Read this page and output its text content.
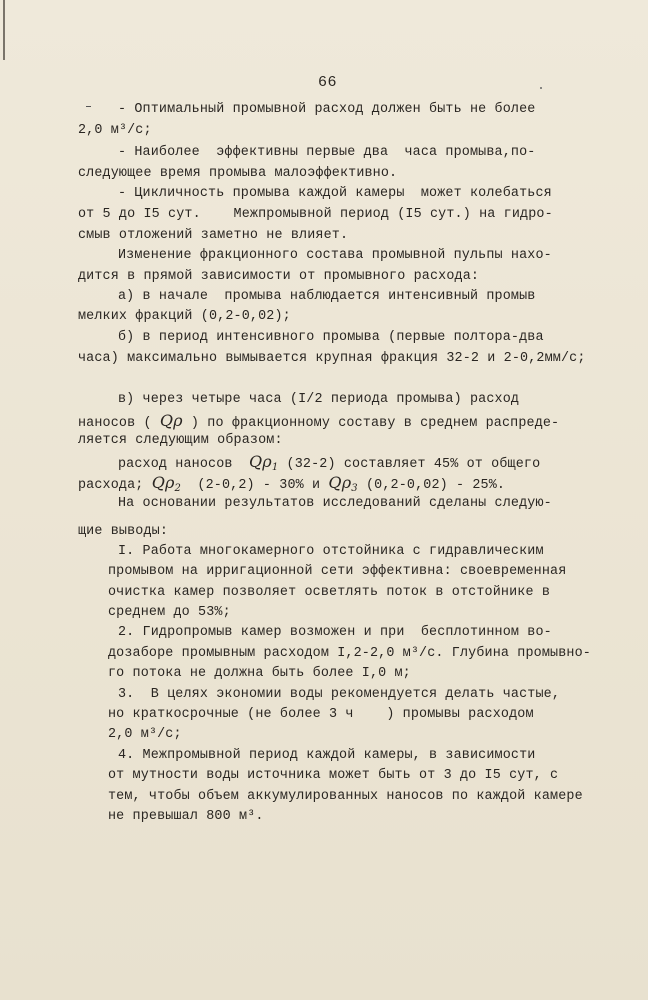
66
- Оптимальный промывной расход должен быть не более
2,0 м³/с;
- Наиболее  эффективны первые два  часа промыва,по-
следующее время промыва малоэффективно.
- Цикличность промыва каждой камеры  может колебаться
от 5 до I5 сут.    Межпромывной период (I5 сут.) на гидро-
смыв отложений заметно не влияет.
Изменение фракционного состава промывной пульпы нахо-
дится в прямой зависимости от промывного расхода:
а) в начале  промыва наблюдается интенсивный промыв
мелких фракций (0,2-0,02);
б) в период интенсивного промыва (первые полтора-два
часа) максимально вымывается крупная фракция 32-2 и 2-0,2мм/с;
в) через четыре часа (I/2 периода промыва) расход
наносов ( Qρ ) по фракционному составу в среднем распреде-
ляется следующим образом:
расход наносов $Q\rho_1$ (32-2) составляет 45% от общего
расхода; $Q\rho_2$ (2-0,2) - 30% и $Q\rho_3$ (0,2-0,02) - 25%.
На основании результатов исследований сделаны следую-
щие выводы:
I. Работа многокамерного отстойника с гидравлическим
промывом на ирригационной сети эффективна: своевременная
очистка камер позволяет осветлять поток в отстойнике в
среднем до 53%;
2. Гидропромыв камер возможен и при  бесплотинном во-
дозаборе промывным расходом I,2-2,0 м³/с. Глубина промывно-
го потока не должна быть более I,0 м;
3.  В целях экономии воды рекомендуется делать частые,
но краткосрочные (не более 3 ч    ) промывы расходом
2,0 м³/с;
4. Межпромывной период каждой камеры, в зависимости
от мутности воды источника может быть от 3 до I5 сут, с
тем, чтобы объем аккумулированных наносов по каждой камере
не превышал 800 м³.
